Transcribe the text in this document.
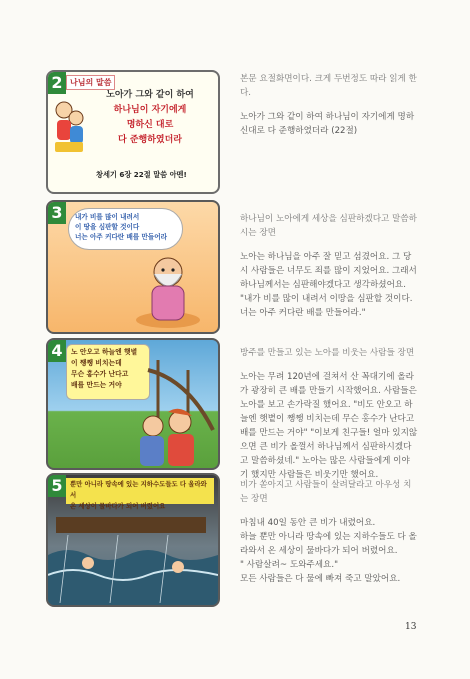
2 나님의 말씀
노아가 그와 같이 하여
하나님이 자기에게
명하신 대로
다 준행하였더라
창세기 6장 22절 말씀 아멘!

본문 요절화면이다. 크게 두번정도 따라 읽게 한다.

노아가 그와 같이 하여 하나님이 자기에게 명하신대로 다 준행하였더라 (22절)

3	내가 비를 많이 내려서
이 땅을 심판할 것이다
너는 아주 커다란 배를 만들어라

하나님이 노아에게 세상을 심판하겠다고 말씀하시는 장면

노아는 하나님을 아주 잘 믿고 섬겼어요. 그 당시 사람들은 너무도 죄를 많이 지었어요. 그래서 하나님께서는 심판해야겠다고 생각하셨어요. "내가 비를 많이 내려서 이땅을 심판할 것이다. 너는 아주 커다란 배를 만들어라."

4	노 안오고 하늘엔 햇볕
이 쨍쨍 비치는데
무슨 홍수가 난다고
배를 만드는 거야

방주를 만들고 있는 노아를 비웃는 사람들 장면

노아는 무려 120년에 걸쳐서 산 꼭대기에 올라가 광장히 큰 배를 만들기 시작했어요. 사람들은 노아를 보고 손가락질 했어요. "비도 안오고 하늘엔 햇볕이 쨍쨍 비치는데 무슨 홍수가 난다고 배를 만드는 거야" "이보게 친구들! 얼마 있지않으면 큰 비가 올껄서 하나님께서 심판하시겠다고 말씀하셨네." 노아는 많은 사람들에게 이야기 했지만 사람들은 비웃기만 했어요.

5	뿐만 아니라 땅속에 있는 지하수도들도 다 올라와서
온 세상이 물바다가 되어 버렸어요

비가 쏟아지고 사람들이 살려달라고 아우성 치는 장면

마침내 40일 동안 큰 비가 내렸어요.
하늘 뿐만 아니라 땅속에 있는 지하수들도 다 올라와서 온 세상이 물바다가 되어 버렸어요.
" 사람살려~ 도와주세요."
모든 사람들은 다 물에 빠져 죽고 말았어요.
13
